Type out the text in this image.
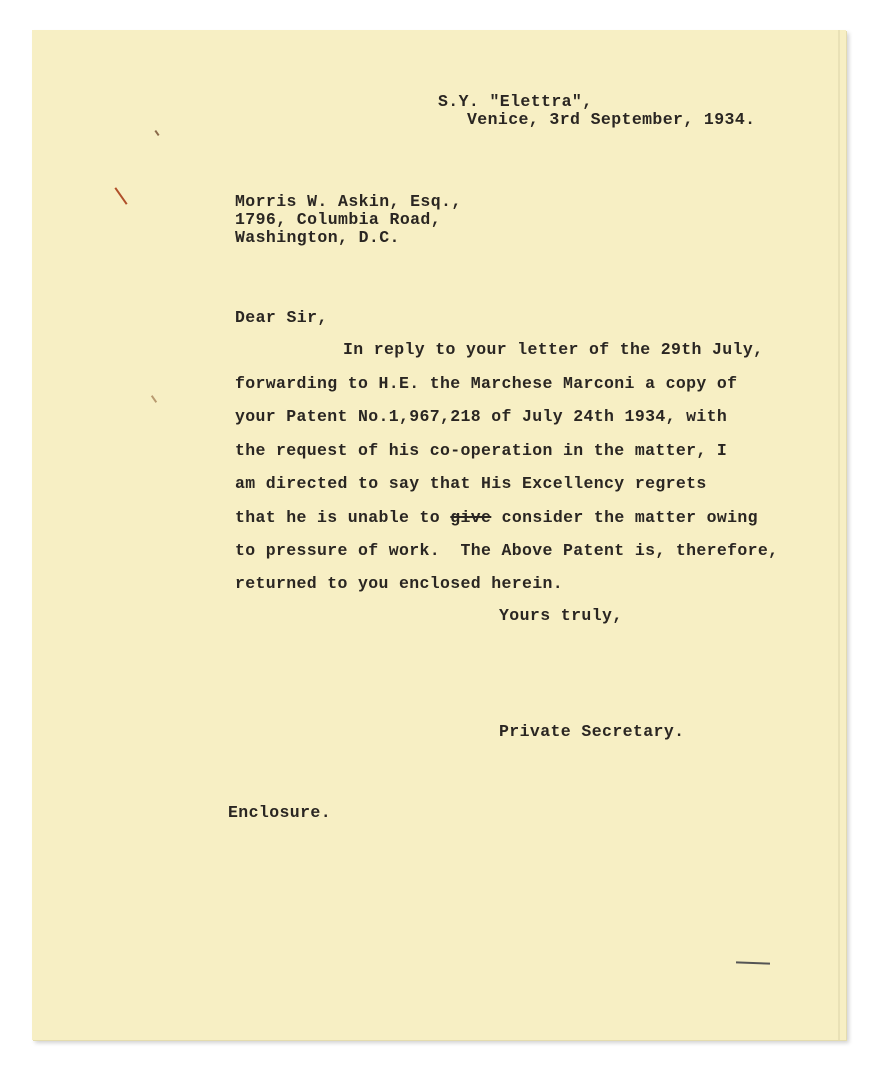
S.Y. "Elettra",
Venice, 3rd September, 1934.
Morris W. Askin, Esq.,
1796, Columbia Road,
Washington, D.C.
Dear Sir,
In reply to your letter of the 29th July,
forwarding to H.E. the Marchese Marconi a copy of
your Patent No.1,967,218 of July 24th 1934, with
the request of his co-operation in the matter, I
am directed to say that His Excellency regrets
that he is unable to give consider the matter owing
to pressure of work.  The Above Patent is, therefore,
returned to you enclosed herein.
Yours truly,
Private Secretary.
Enclosure.
